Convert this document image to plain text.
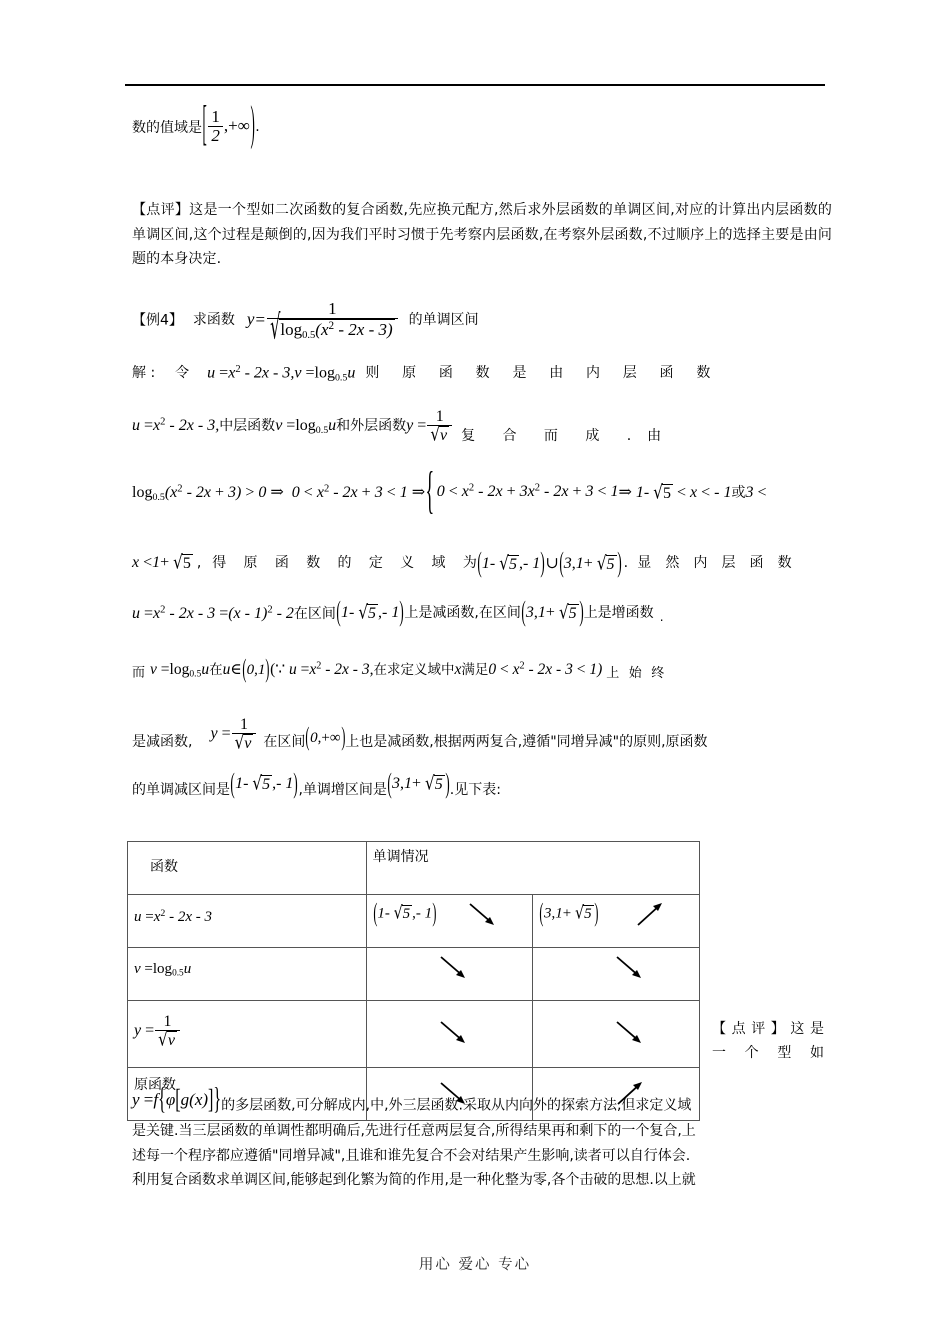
数的值域是[ $\frac{1}{2}$ ,+∞).

【点评】这是一个型如二次函数的复合函数,先应换元配方,然后求外层函数的单调区间,对应的计算出内层函数的单调区间,这个过程是颠倒的,因为我们平时习惯于先考察内层函数,在考察外层函数,不过顺序上的选择主要是由问题的本身决定.

【例4】 求函数 $y= \frac{1}{√\log_{0.5}(x^2 - 2x - 3)}$ 的单调区间
解 : 令 $u =x^2 - 2x - 3,v =\log_{0.5}u$ 则 原 函 数 是 由 内 层 函 数
$u =x^2 - 2x - 3$,中层函数$v =\log_{0.5}u$和外层函数$y = \frac{1}{√v}$ 复 合 而 成 . 由
$\log_{0.5}(x^2 - 2x + 3) > 0$ ⇒  $0 < x^2 - 2x + 3 < 1$ ⇒{ $0 < x^2 - 2x + 3x^2 - 2x + 3$ < 1⇒ 1- √5 < x < - 1或3 <
x <1+ √5 , 得 原 函 数 的 定 义 域 为(1- √5 ,- 1)∪(3,1+ √5 ) . 显 然 内 层 函 数
$u =x^2 - 2x - 3 =(x - 1)^2 - 2$在区间(1- √5 ,- 1)上是减函数,在区间(3,1+ √5 )上是增函数 $_.$
$_而$ $v =\log_{0.5}u$在u∈(0,1)(∵ $u =x^2 - 2x - 3$,在求定义域中x满足$0 < x^2 - 2x - 3 < 1$) 上 始 终
是减函数, $y = \frac{1}{√v}$ 在区间(0,+∞)上也是减函数,根据两两复合,遵循"同增异减"的原则,原函数
的单调减区间是(1- √5 ,- 1),单调增区间是(3,1+ √5 ).见下表:
函数	单调情况	

$u =x^2 - 2x - 3$	(1- √5 ,- 1)	(3,1+ √5 )

$v =\log_{0.5}u$

$y = \frac{1}{√v}$

原函数	

【点评】这是
一 个 型 如
y =f{φ[g(x)]}的多层函数,可分解成内,中,外三层函数.采取从内向外的探索方法,但求定义域
是关键.当三层函数的单调性都明确后,先进行任意两层复合,所得结果再和剩下的一个复合,上
述每一个程序都应遵循"同增异减",且谁和谁先复合不会对结果产生影响,读者可以自行体会.
利用复合函数求单调区间,能够起到化繁为简的作用,是一种化整为零,各个击破的思想.以上就
用心 爱心 专心
